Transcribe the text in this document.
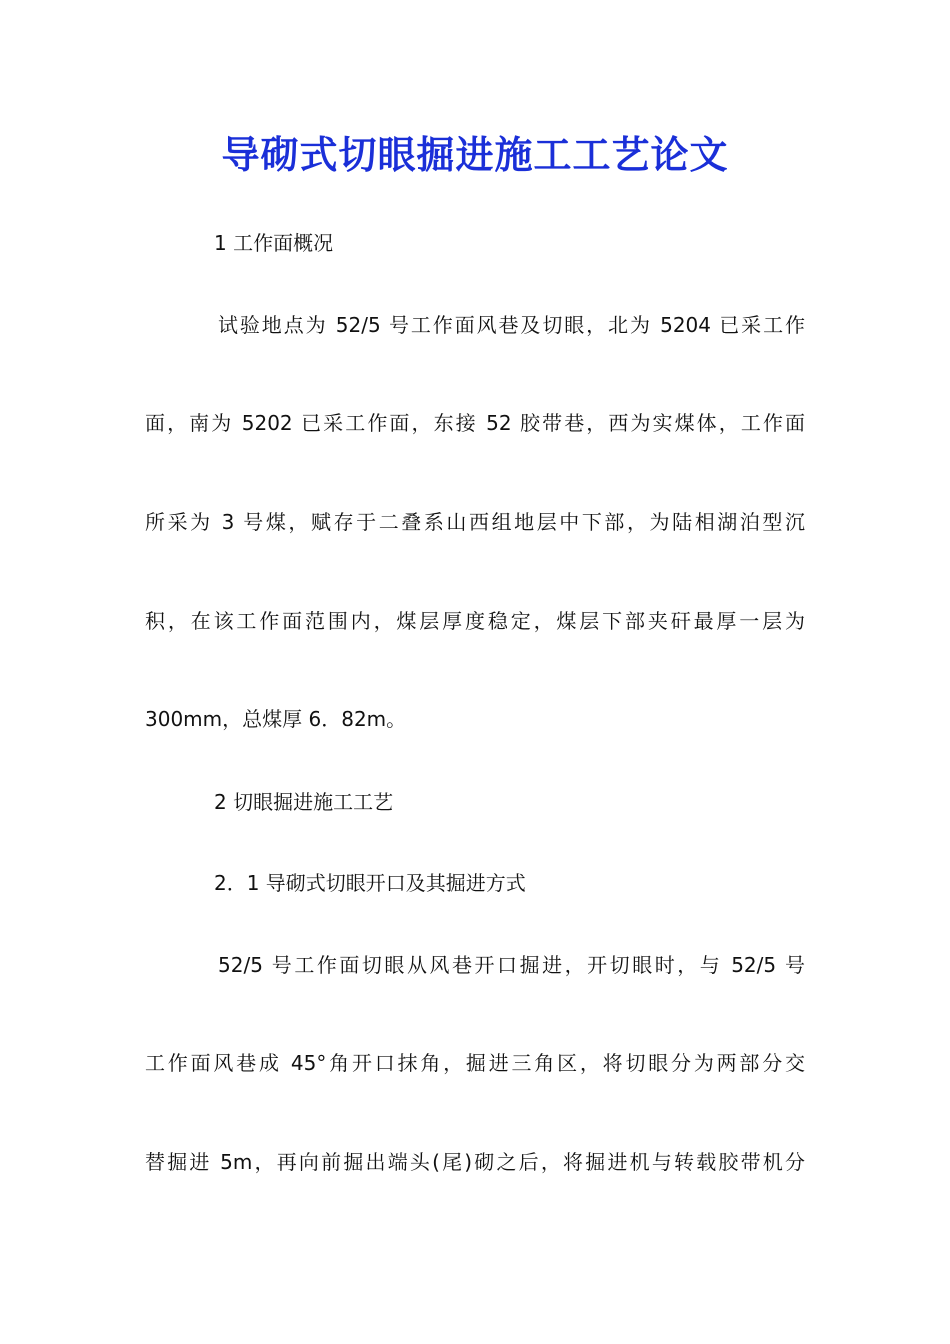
导砌式切眼掘进施工工艺论文
1 工作面概况
试验地点为 52/5 号工作面风巷及切眼，北为 5204 已采工作
面，南为 5202 已采工作面，东接 52 胶带巷，西为实煤体，工作面
所采为 3 号煤，赋存于二叠系山西组地层中下部，为陆相湖泊型沉
积，在该工作面范围内，煤层厚度稳定，煤层下部夹矸最厚一层为
300mm，总煤厚 6．82m。
2 切眼掘进施工工艺
2．1 导砌式切眼开口及其掘进方式
52/5 号工作面切眼从风巷开口掘进，开切眼时，与 52/5 号
工作面风巷成 45°角开口抹角，掘进三角区，将切眼分为两部分交
替掘进 5m，再向前掘出端头(尾)砌之后，将掘进机与转载胶带机分
